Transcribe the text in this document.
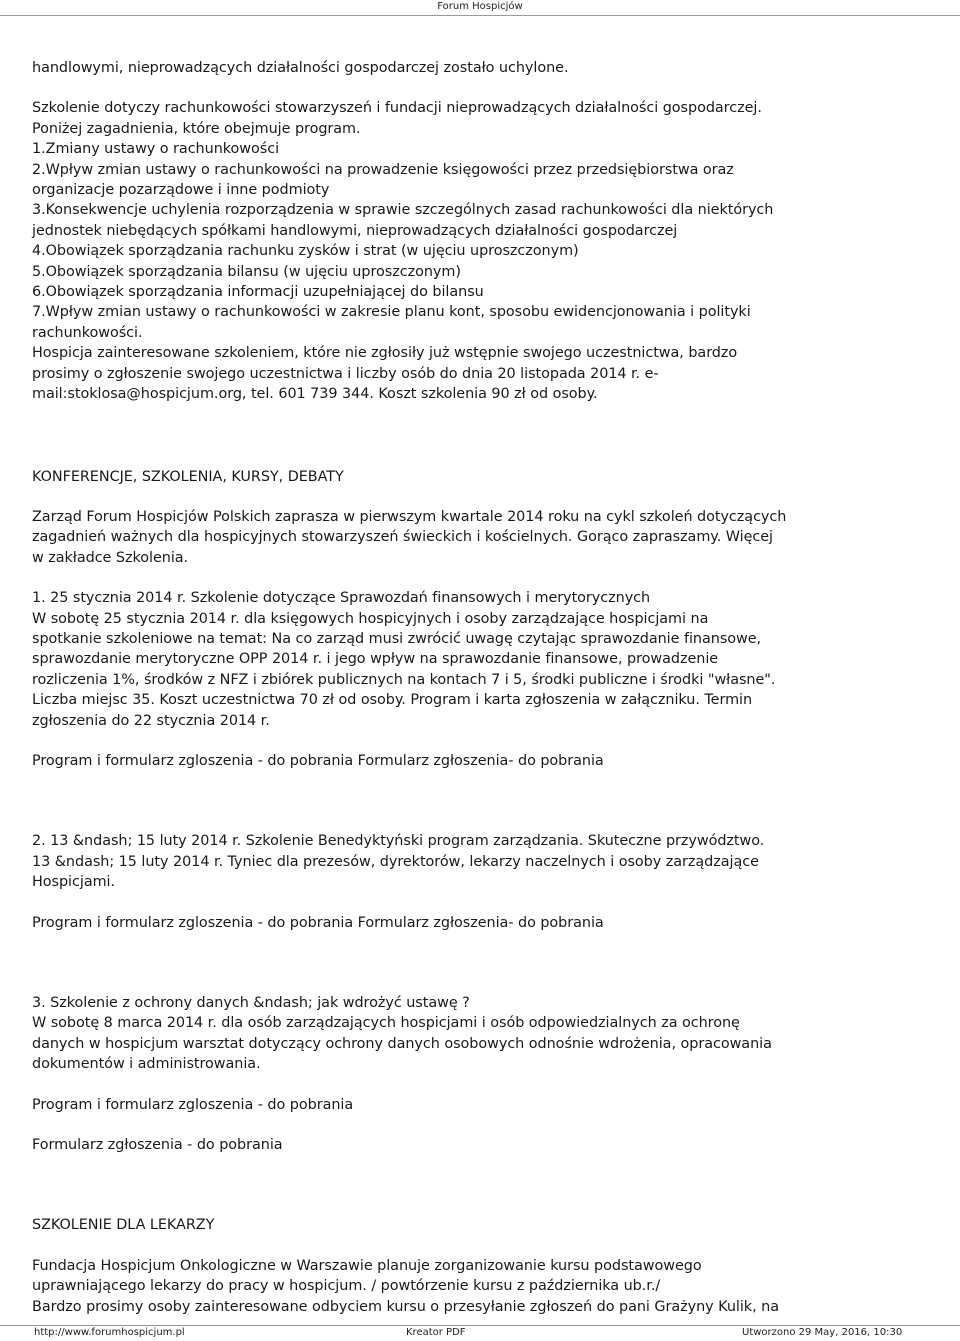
Forum Hospicjów
handlowymi, nieprowadzących działalności gospodarczej zostało uchylone.
Szkolenie dotyczy rachunkowości stowarzyszeń i fundacji nieprowadzących działalności gospodarczej.
Poniżej zagadnienia, które obejmuje program.
1.Zmiany ustawy o rachunkowości
2.Wpływ zmian ustawy o rachunkowości na prowadzenie księgowości przez przedsiębiorstwa oraz
organizacje pozarządowe i inne podmioty
3.Konsekwencje uchylenia rozporządzenia w sprawie szczególnych zasad rachunkowości dla niektórych
jednostek niebędących spółkami handlowymi, nieprowadzących działalności gospodarczej
4.Obowiązek sporządzania rachunku zysków i strat (w ujęciu uproszczonym)
5.Obowiązek sporządzania bilansu (w ujęciu uproszczonym)
6.Obowiązek sporządzania informacji uzupełniającej do bilansu
7.Wpływ zmian ustawy o rachunkowości w zakresie planu kont, sposobu ewidencjonowania i polityki
rachunkowości.
Hospicja zainteresowane szkoleniem, które nie zgłosiły już wstępnie swojego uczestnictwa, bardzo
prosimy o zgłoszenie swojego uczestnictwa i liczby osób do dnia 20 listopada 2014 r. e-
mail:stoklosa@hospicjum.org, tel. 601 739 344. Koszt szkolenia 90 zł od osoby.
KONFERENCJE, SZKOLENIA, KURSY, DEBATY
Zarząd Forum Hospicjów Polskich zaprasza w pierwszym kwartale 2014 roku na cykl szkoleń dotyczących
zagadnień ważnych dla hospicyjnych stowarzyszeń świeckich i kościelnych. Gorąco zapraszamy. Więcej
w zakładce Szkolenia.
1. 25 stycznia 2014 r. Szkolenie dotyczące Sprawozdań finansowych i merytorycznych
W sobotę 25 stycznia 2014 r. dla księgowych hospicyjnych i osoby zarządzające hospicjami na
spotkanie szkoleniowe na temat: Na co zarząd musi zwrócić uwagę czytając sprawozdanie finansowe,
sprawozdanie merytoryczne OPP 2014 r. i jego wpływ na sprawozdanie finansowe, prowadzenie
rozliczenia 1%, środków z NFZ i zbiórek publicznych na kontach 7 i 5, środki publiczne i środki "własne".
Liczba miejsc 35. Koszt uczestnictwa 70 zł od osoby. Program i karta zgłoszenia w załączniku. Termin
zgłoszenia do 22 stycznia 2014 r.
Program i formularz zgloszenia - do pobrania Formularz zgłoszenia- do pobrania
2. 13 &ndash; 15 luty 2014 r. Szkolenie Benedyktyński program zarządzania. Skuteczne przywództwo.
13 &ndash; 15 luty 2014 r. Tyniec dla prezesów, dyrektorów, lekarzy naczelnych i osoby zarządzające
Hospicjami.
Program i formularz zgloszenia - do pobrania Formularz zgłoszenia- do pobrania
3. Szkolenie z ochrony danych &ndash; jak wdrożyć ustawę ?
W sobotę 8 marca 2014 r. dla osób zarządzających hospicjami i osób odpowiedzialnych za ochronę
danych w hospicjum warsztat dotyczący ochrony danych osobowych odnośnie wdrożenia, opracowania
dokumentów i administrowania.
Program i formularz zgloszenia - do pobrania
Formularz zgłoszenia - do pobrania
SZKOLENIE DLA LEKARZY
Fundacja Hospicjum Onkologiczne w Warszawie planuje zorganizowanie kursu podstawowego
uprawniającego lekarzy do pracy w hospicjum. / powtórzenie kursu z października ub.r./
Bardzo prosimy osoby zainteresowane odbyciem kursu o przesyłanie zgłoszeń do pani Grażyny Kulik, na
http://www.forumhospicjum.pl	Kreator PDF	Utworzono 29 May, 2016, 10:30
